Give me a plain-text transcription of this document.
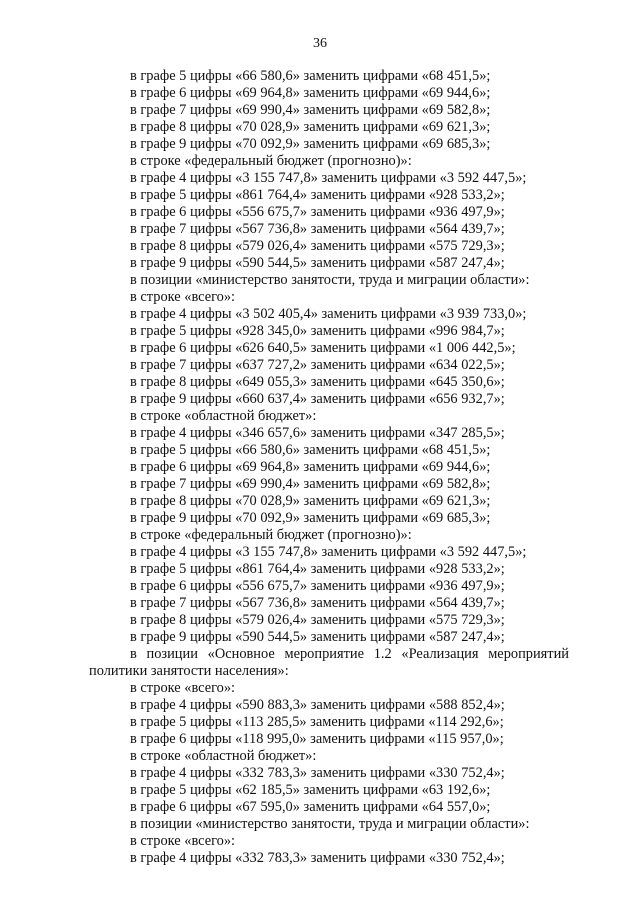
36
в графе 5 цифры «66 580,6» заменить цифрами «68 451,5»;
в графе 6 цифры «69 964,8» заменить цифрами «69 944,6»;
в графе 7 цифры «69 990,4» заменить цифрами «69 582,8»;
в графе 8 цифры «70 028,9» заменить цифрами «69 621,3»;
в графе 9 цифры «70 092,9» заменить цифрами «69 685,3»;
в строке «федеральный бюджет (прогнозно)»:
в графе 4 цифры «3 155 747,8» заменить цифрами «3 592 447,5»;
в графе 5 цифры «861 764,4» заменить цифрами «928 533,2»;
в графе 6 цифры «556 675,7» заменить цифрами «936 497,9»;
в графе 7 цифры «567 736,8» заменить цифрами «564 439,7»;
в графе 8 цифры «579 026,4» заменить цифрами «575 729,3»;
в графе 9 цифры «590 544,5» заменить цифрами «587 247,4»;
в позиции «министерство занятости, труда и миграции области»:
в строке «всего»:
в графе 4 цифры «3 502 405,4» заменить цифрами «3 939 733,0»;
в графе 5 цифры «928 345,0» заменить цифрами «996 984,7»;
в графе 6 цифры «626 640,5» заменить цифрами «1 006 442,5»;
в графе 7 цифры «637 727,2» заменить цифрами «634 022,5»;
в графе 8 цифры «649 055,3» заменить цифрами «645 350,6»;
в графе 9 цифры «660 637,4» заменить цифрами «656 932,7»;
в строке «областной бюджет»:
в графе 4 цифры «346 657,6» заменить цифрами «347 285,5»;
в графе 5 цифры «66 580,6» заменить цифрами «68 451,5»;
в графе 6 цифры «69 964,8» заменить цифрами «69 944,6»;
в графе 7 цифры «69 990,4» заменить цифрами «69 582,8»;
в графе 8 цифры «70 028,9» заменить цифрами «69 621,3»;
в графе 9 цифры «70 092,9» заменить цифрами «69 685,3»;
в строке «федеральный бюджет (прогнозно)»:
в графе 4 цифры «3 155 747,8» заменить цифрами «3 592 447,5»;
в графе 5 цифры «861 764,4» заменить цифрами «928 533,2»;
в графе 6 цифры «556 675,7» заменить цифрами «936 497,9»;
в графе 7 цифры «567 736,8» заменить цифрами «564 439,7»;
в графе 8 цифры «579 026,4» заменить цифрами «575 729,3»;
в графе 9 цифры «590 544,5» заменить цифрами «587 247,4»;
в позиции «Основное мероприятие 1.2 «Реализация мероприятий
политики занятости населения»:
в строке «всего»:
в графе 4 цифры «590 883,3» заменить цифрами «588 852,4»;
в графе 5 цифры «113 285,5» заменить цифрами «114 292,6»;
в графе 6 цифры «118 995,0» заменить цифрами «115 957,0»;
в строке «областной бюджет»:
в графе 4 цифры «332 783,3» заменить цифрами «330 752,4»;
в графе 5 цифры «62 185,5» заменить цифрами «63 192,6»;
в графе 6 цифры «67 595,0» заменить цифрами «64 557,0»;
в позиции «министерство занятости, труда и миграции области»:
в строке «всего»:
в графе 4 цифры «332 783,3» заменить цифрами «330 752,4»;
